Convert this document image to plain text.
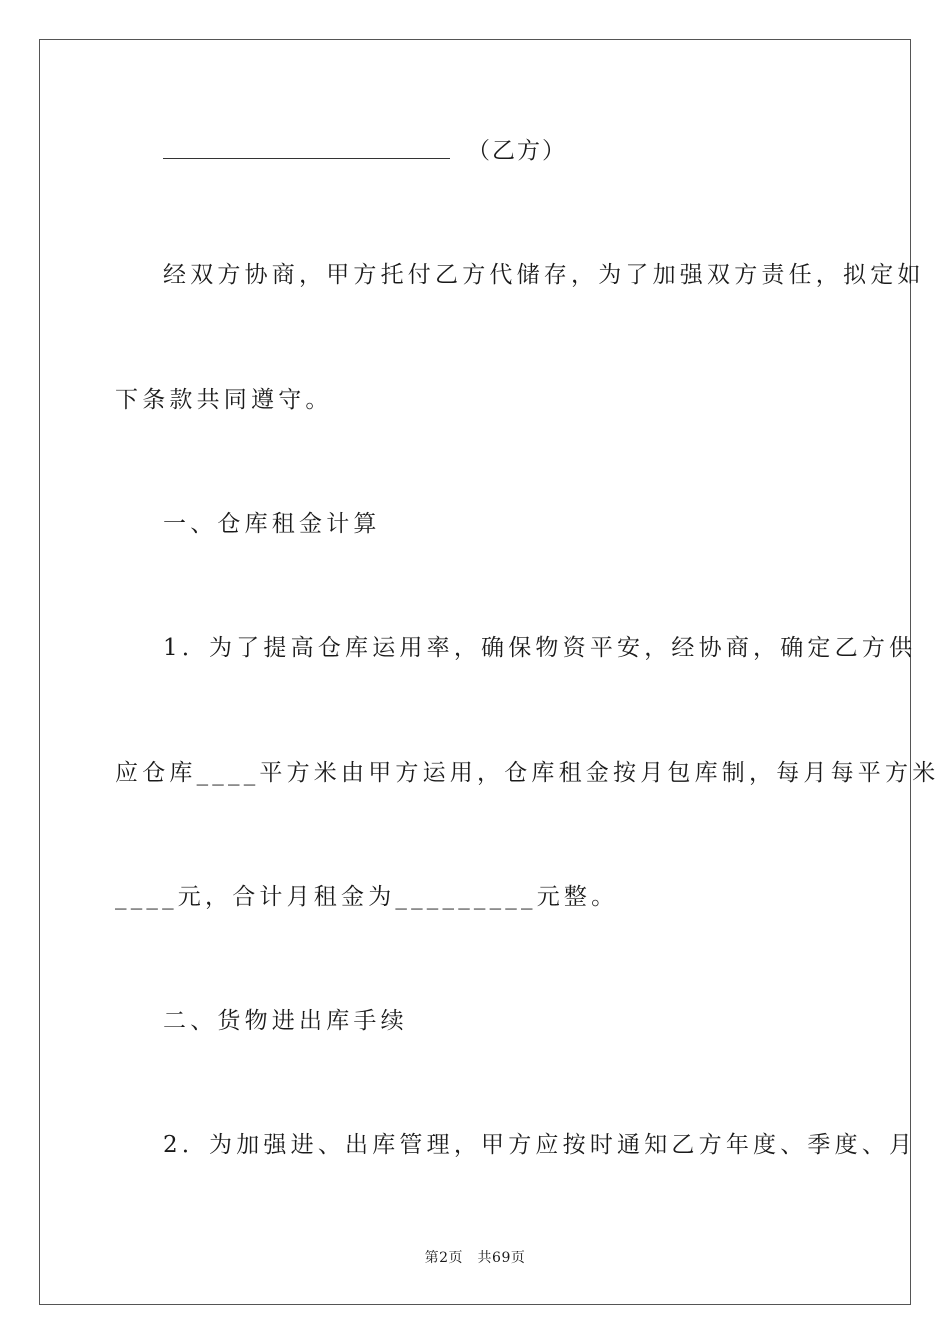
（乙方）

经双方协商，甲方托付乙方代储存，为了加强双方责任，拟定如
下条款共同遵守。
一、仓库租金计算
1．为了提高仓库运用率，确保物资平安，经协商，确定乙方供
应仓库____平方米由甲方运用，仓库租金按月包库制，每月每平方米
____元，合计月租金为_________元整。
二、货物进出库手续
2．为加强进、出库管理，甲方应按时通知乙方年度、季度、月
第2页　共69页
